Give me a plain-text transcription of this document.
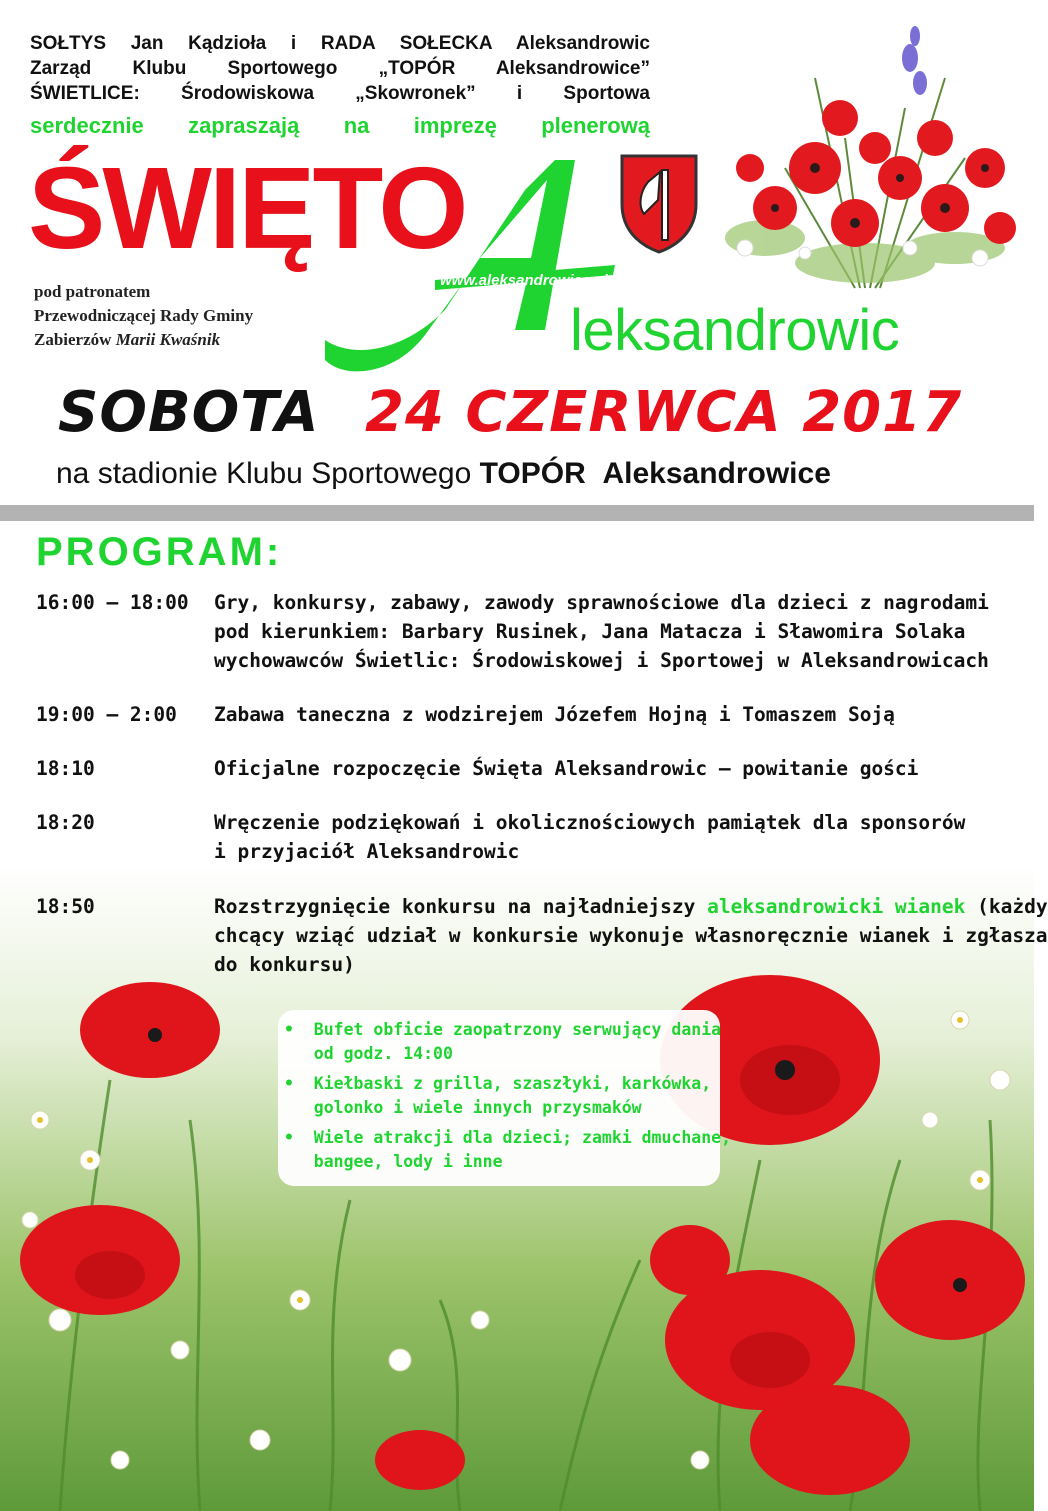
SOŁTYS Jan Kądzioła i RADA SOŁECKA Aleksandrowic
Zarząd Klubu Sportowego „TOPÓR Aleksandrowice”
ŚWIETLICE: Środowiskowa „Skowronek” i Sportowa
serdecznie zapraszają na imprezę plenerową
ŚWIĘTO
www.aleksandrowice.pl
leksandrowic
pod patronatem
Przewodniczącej Rady Gminy
Zabierzów Marii Kwaśnik
SOBOTA 24 CZERWCA 2017
na stadionie Klubu Sportowego TOPÓR Aleksandrowice
PROGRAM:
16:00 — 18:00	Gry, konkursy, zabawy, zawody sprawnościowe dla dzieci z nagrodami
pod kierunkiem: Barbary Rusinek, Jana Matacza i Sławomira Solaka
wychowawców Świetlic: Środowiskowej i Sportowej w Aleksandrowicach
19:00 — 2:00	Zabawa taneczna z wodzirejem Józefem Hojną i Tomaszem Soją
18:10	Oficjalne rozpoczęcie Święta Aleksandrowic — powitanie gości
18:20	Wręczenie podziękowań i okolicznościowych pamiątek dla sponsorów
i przyjaciół Aleksandrowic
18:50	Rozstrzygnięcie konkursu na najładniejszy aleksandrowicki wianek (każdy
chcący wziąć udział w konkursie wykonuje własnoręcznie wianek i zgłasza
do konkursu)
•  Bufet obficie zaopatrzony serwujący dania
od godz. 14:00
•  Kiełbaski z grilla, szaszłyki, karkówka,
golonko i wiele innych przysmaków
•  Wiele atrakcji dla dzieci; zamki dmuchane,
bangee, lody i inne
